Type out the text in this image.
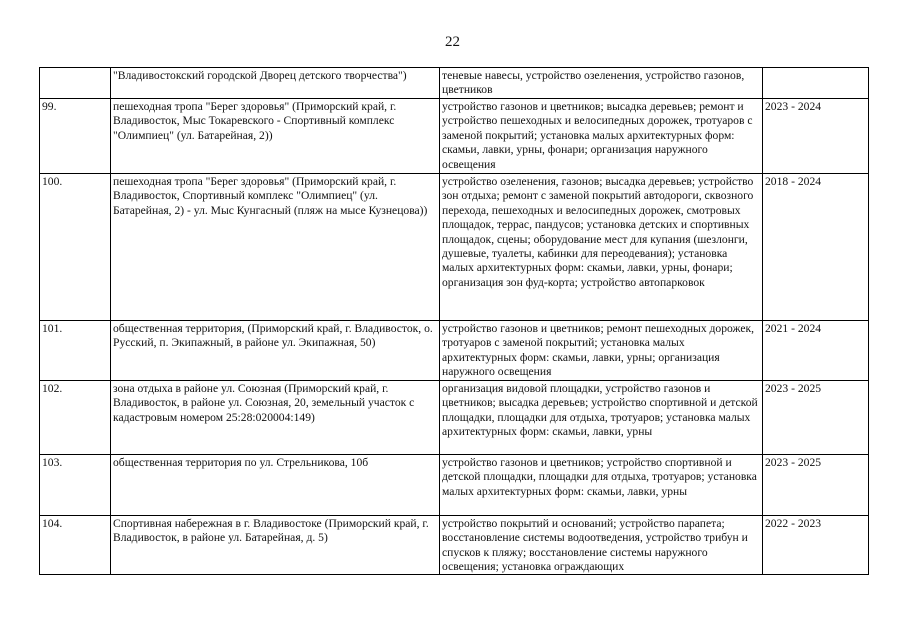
22
	"Владивостокский городской Дворец детского творчества")	теневые навесы, устройство озеленения, устройство газонов, цветников	
99.	пешеходная тропа "Берег здоровья" (Приморский край, г. Владивосток, Мыс Токаревского - Спортивный комплекс "Олимпиец" (ул. Батарейная, 2))	устройство газонов и цветников; высадка деревьев; ремонт и устройство пешеходных и велосипедных дорожек, тротуаров с заменой покрытий; установка малых архитектурных форм: скамьи, лавки, урны, фонари; организация наружного освещения	2023 - 2024
100.	пешеходная тропа "Берег здоровья" (Приморский край, г. Владивосток, Спортивный комплекс "Олимпиец" (ул. Батарейная, 2) - ул. Мыс Кунгасный (пляж на мысе Кузнецова))	устройство озеленения, газонов; высадка деревьев; устройство зон отдыха; ремонт с заменой покрытий автодороги, сквозного перехода, пешеходных и велосипедных дорожек, смотровых площадок, террас, пандусов; установка детских и спортивных площадок, сцены; оборудование мест для купания (шезлонги, душевые, туалеты, кабинки для переодевания); установка малых архитектурных форм: скамьи, лавки, урны, фонари; организация зон фуд-корта; устройство автопарковок	2018 - 2024
101.	общественная территория, (Приморский край, г. Владивосток, о. Русский, п. Экипажный, в районе ул. Экипажная, 50)	устройство газонов и цветников; ремонт пешеходных дорожек, тротуаров с заменой покрытий; установка малых архитектурных форм: скамьи, лавки, урны; организация наружного освещения	2021 - 2024
102.	зона отдыха в районе ул. Союзная (Приморский край, г. Владивосток, в районе ул. Союзная, 20, земельный участок с кадастровым номером 25:28:020004:149)	организация видовой площадки, устройство газонов и цветников; высадка деревьев; устройство спортивной и детской площадки, площадки для отдыха, тротуаров; установка малых архитектурных форм: скамьи, лавки, урны	2023 - 2025
103.	общественная территория по ул. Стрельникова, 10б	устройство газонов и цветников; устройство спортивной и детской площадки, площадки для отдыха, тротуаров; установка малых архитектурных форм: скамьи, лавки, урны	2023 - 2025

104.	Спортивная набережная в г. Владивостоке (Приморский край, г. Владивосток, в районе ул. Батарейная, д. 5)	устройство покрытий и оснований; устройство парапета; восстановление системы водоотведения, устройство трибун и спусков к пляжу; восстановление системы наружного освещения; установка ограждающих	2022 - 2023
